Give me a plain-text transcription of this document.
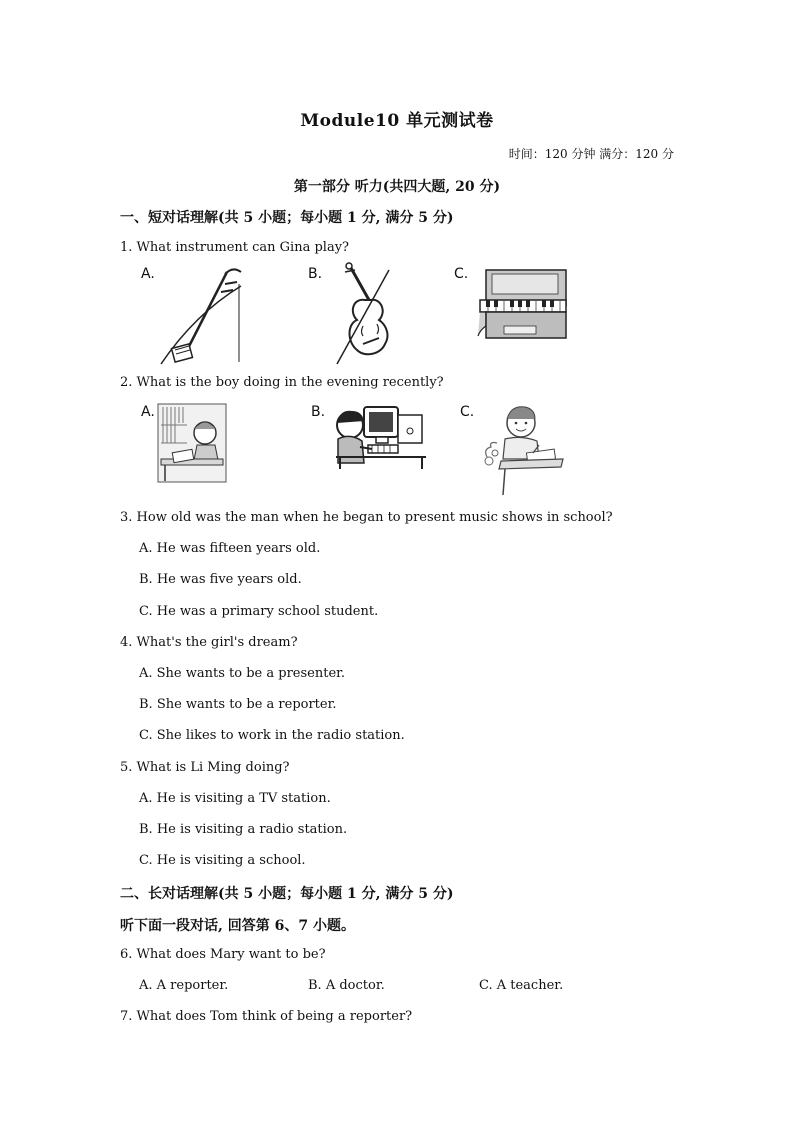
Module10 单元测试卷
时间：120 分钟 满分：120 分
第一部分 听力(共四大题, 20 分)
一、短对话理解(共 5 小题；每小题 1 分, 满分 5 分)
1. What instrument can Gina play?
A.	B.	C.
2. What is the boy doing in the evening recently?
A.	B.	C.
3. How old was the man when he began to present music shows in school?
A. He was fifteen years old.
B. He was five years old.
C. He was a primary school student.
4. What's the girl's dream?
A. She wants to be a presenter.
B. She wants to be a reporter.
C. She likes to work in the radio station.
5. What is Li Ming doing?
A. He is visiting a TV station.
B. He is visiting a radio station.
C. He is visiting a school.
二、长对话理解(共 5 小题；每小题 1 分, 满分 5 分)
听下面一段对话, 回答第 6、7 小题。
6. What does Mary want to be?
A. A reporter.	B. A doctor.	C. A teacher.
7. What does Tom think of being a reporter?
